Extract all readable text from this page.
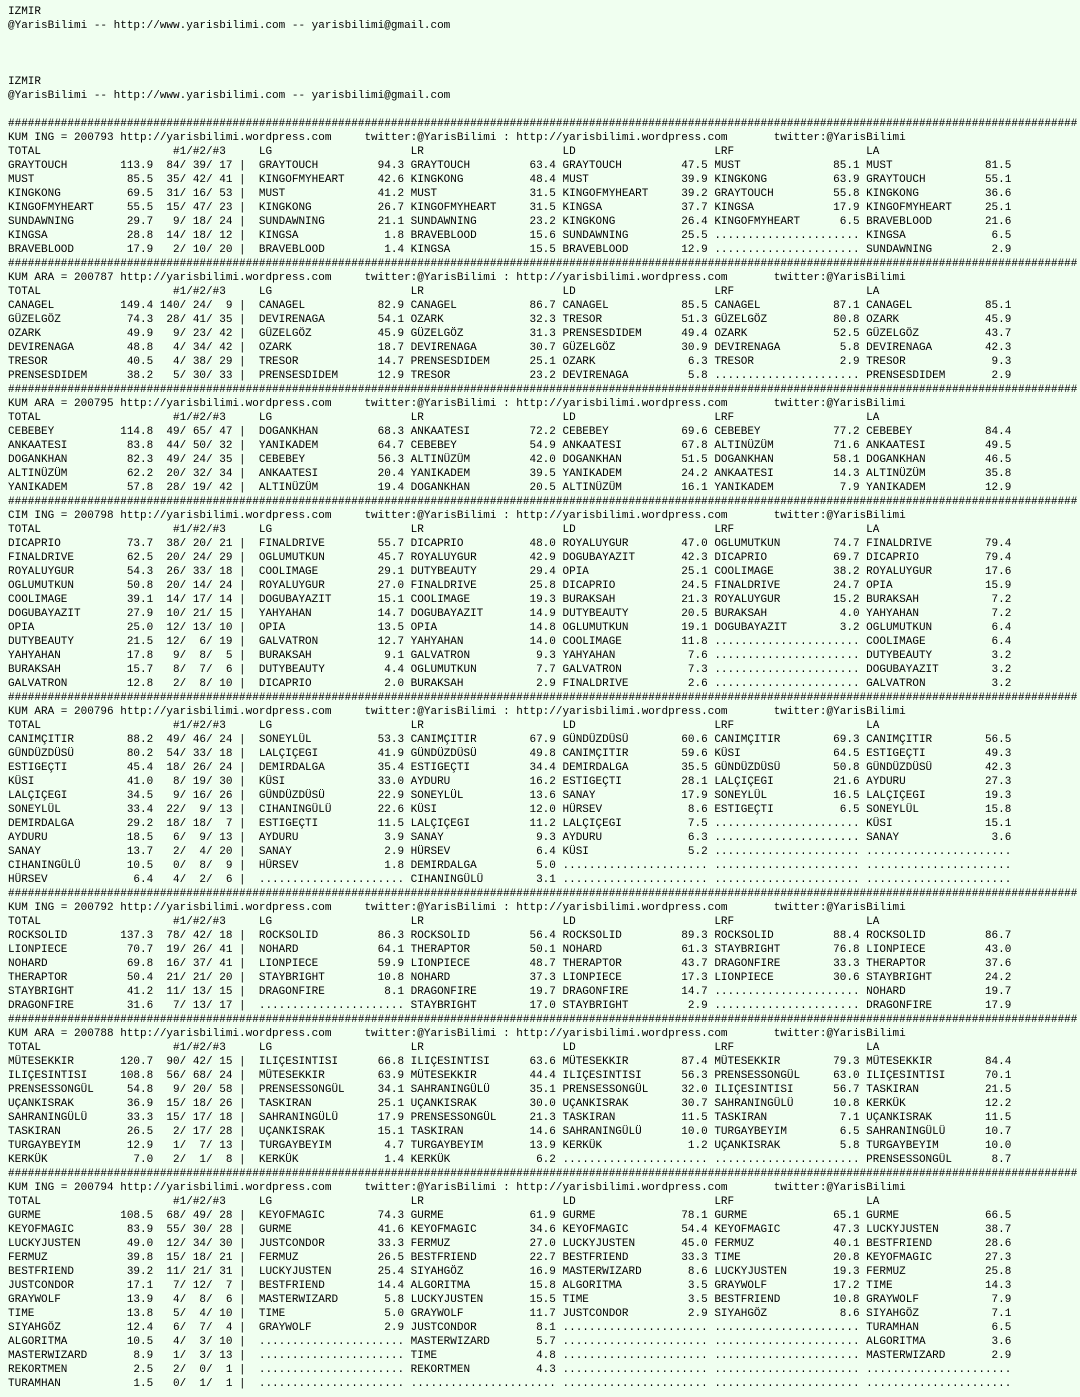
IZMIR
@YarisBilimi -- http://www.yarisbilimi.com -- yarisbilimi@gmail.com
IZMIR
@YarisBilimi -- http://www.yarisbilimi.com -- yarisbilimi@gmail.com
##################################################################################################################################################################
KUM ING = 200793 http://yarisbilimi.wordpress.com     twitter:@YarisBilimi : http://yarisbilimi.wordpress.com       twitter:@YarisBilimi
TOTAL                    #1/#2/#3     LG                     LR                     LD                     LRF                    LA
GRAYTOUCH        113.9  84/ 39/ 17 |  GRAYTOUCH         94.3 GRAYTOUCH         63.4 GRAYTOUCH         47.5 MUST              85.1 MUST              81.5
MUST              85.5  35/ 42/ 41 |  KINGOFMYHEART     42.6 KINGKONG          48.4 MUST              39.9 KINGKONG          63.9 GRAYTOUCH         55.1
KINGKONG          69.5  31/ 16/ 53 |  MUST              41.2 MUST              31.5 KINGOFMYHEART     39.2 GRAYTOUCH         55.8 KINGKONG          36.6
KINGOFMYHEART     55.5  15/ 47/ 23 |  KINGKONG          26.7 KINGOFMYHEART     31.5 KINGSA            37.7 KINGSA            17.9 KINGOFMYHEART     25.1
SUNDAWNING        29.7   9/ 18/ 24 |  SUNDAWNING        21.1 SUNDAWNING        23.2 KINGKONG          26.4 KINGOFMYHEART      6.5 BRAVEBLOOD        21.6
KINGSA            28.8  14/ 18/ 12 |  KINGSA             1.8 BRAVEBLOOD        15.6 SUNDAWNING        25.5 ...................... KINGSA             6.5
BRAVEBLOOD        17.9   2/ 10/ 20 |  BRAVEBLOOD         1.4 KINGSA            15.5 BRAVEBLOOD        12.9 ...................... SUNDAWNING         2.9
##################################################################################################################################################################
KUM ARA = 200787 http://yarisbilimi.wordpress.com     twitter:@YarisBilimi : http://yarisbilimi.wordpress.com       twitter:@YarisBilimi
TOTAL                    #1/#2/#3     LG                     LR                     LD                     LRF                    LA
CANAGEL          149.4 140/ 24/  9 |  CANAGEL           82.9 CANAGEL           86.7 CANAGEL           85.5 CANAGEL           87.1 CANAGEL           85.1
GÜZELGÖZ          74.3  28/ 41/ 35 |  DEVIRENAGA        54.1 OZARK             32.3 TRESOR            51.3 GÜZELGÖZ          80.8 OZARK             45.9
OZARK             49.9   9/ 23/ 42 |  GÜZELGÖZ          45.9 GÜZELGÖZ          31.3 PRENSESDIDEM      49.4 OZARK             52.5 GÜZELGÖZ          43.7
DEVIRENAGA        48.8   4/ 34/ 42 |  OZARK             18.7 DEVIRENAGA        30.7 GÜZELGÖZ          30.9 DEVIRENAGA         5.8 DEVIRENAGA        42.3
TRESOR            40.5   4/ 38/ 29 |  TRESOR            14.7 PRENSESDIDEM      25.1 OZARK              6.3 TRESOR             2.9 TRESOR             9.3
PRENSESDIDEM      38.2   5/ 30/ 33 |  PRENSESDIDEM      12.9 TRESOR            23.2 DEVIRENAGA         5.8 ...................... PRENSESDIDEM       2.9
##################################################################################################################################################################
KUM ARA = 200795 http://yarisbilimi.wordpress.com     twitter:@YarisBilimi : http://yarisbilimi.wordpress.com       twitter:@YarisBilimi
TOTAL                    #1/#2/#3     LG                     LR                     LD                     LRF                    LA
CEBEBEY          114.8  49/ 65/ 47 |  DOGANKHAN         68.3 ANKAATESI         72.2 CEBEBEY           69.6 CEBEBEY           77.2 CEBEBEY           84.4
ANKAATESI         83.8  44/ 50/ 32 |  YANIKADEM         64.7 CEBEBEY           54.9 ANKAATESI         67.8 ALTINÜZÜM         71.6 ANKAATESI         49.5
DOGANKHAN         82.3  49/ 24/ 35 |  CEBEBEY           56.3 ALTINÜZÜM         42.0 DOGANKHAN         51.5 DOGANKHAN         58.1 DOGANKHAN         46.5
ALTINÜZÜM         62.2  20/ 32/ 34 |  ANKAATESI         20.4 YANIKADEM         39.5 YANIKADEM         24.2 ANKAATESI         14.3 ALTINÜZÜM         35.8
YANIKADEM         57.8  28/ 19/ 42 |  ALTINÜZÜM         19.4 DOGANKHAN         20.5 ALTINÜZÜM         16.1 YANIKADEM          7.9 YANIKADEM         12.9
##################################################################################################################################################################
CIM ING = 200798 http://yarisbilimi.wordpress.com     twitter:@YarisBilimi : http://yarisbilimi.wordpress.com       twitter:@YarisBilimi
TOTAL                    #1/#2/#3     LG                     LR                     LD                     LRF                    LA
DICAPRIO          73.7  38/ 20/ 21 |  FINALDRIVE        55.7 DICAPRIO          48.0 ROYALUYGUR        47.0 OGLUMUTKUN        74.7 FINALDRIVE        79.4
FINALDRIVE        62.5  20/ 24/ 29 |  OGLUMUTKUN        45.7 ROYALUYGUR        42.9 DOGUBAYAZIT       42.3 DICAPRIO          69.7 DICAPRIO          79.4
ROYALUYGUR        54.3  26/ 33/ 18 |  COOLIMAGE         29.1 DUTYBEAUTY        29.4 OPIA              25.1 COOLIMAGE         38.2 ROYALUYGUR        17.6
OGLUMUTKUN        50.8  20/ 14/ 24 |  ROYALUYGUR        27.0 FINALDRIVE        25.8 DICAPRIO          24.5 FINALDRIVE        24.7 OPIA              15.9
COOLIMAGE         39.1  14/ 17/ 14 |  DOGUBAYAZIT       15.1 COOLIMAGE         19.3 BURAKSAH          21.3 ROYALUYGUR        15.2 BURAKSAH           7.2
DOGUBAYAZIT       27.9  10/ 21/ 15 |  YAHYAHAN          14.7 DOGUBAYAZIT       14.9 DUTYBEAUTY        20.5 BURAKSAH           4.0 YAHYAHAN           7.2
OPIA              25.0  12/ 13/ 10 |  OPIA              13.5 OPIA              14.8 OGLUMUTKUN        19.1 DOGUBAYAZIT        3.2 OGLUMUTKUN         6.4
DUTYBEAUTY        21.5  12/  6/ 19 |  GALVATRON         12.7 YAHYAHAN          14.0 COOLIMAGE         11.8 ...................... COOLIMAGE          6.4
YAHYAHAN          17.8   9/  8/  5 |  BURAKSAH           9.1 GALVATRON          9.3 YAHYAHAN           7.6 ...................... DUTYBEAUTY         3.2
BURAKSAH          15.7   8/  7/  6 |  DUTYBEAUTY         4.4 OGLUMUTKUN         7.7 GALVATRON          7.3 ...................... DOGUBAYAZIT        3.2
GALVATRON         12.8   2/  8/ 10 |  DICAPRIO           2.0 BURAKSAH           2.9 FINALDRIVE         2.6 ...................... GALVATRON          3.2
##################################################################################################################################################################
KUM ARA = 200796 http://yarisbilimi.wordpress.com     twitter:@YarisBilimi : http://yarisbilimi.wordpress.com       twitter:@YarisBilimi
TOTAL                    #1/#2/#3     LG                     LR                     LD                     LRF                    LA
CANIMÇITIR        88.2  49/ 46/ 24 |  SONEYLÜL          53.3 CANIMÇITIR        67.9 GÜNDÜZDÜSÜ        60.6 CANIMÇITIR        69.3 CANIMÇITIR        56.5
GÜNDÜZDÜSÜ        80.2  54/ 33/ 18 |  LALÇIÇEGI         41.9 GÜNDÜZDÜSÜ        49.8 CANIMÇITIR        59.6 KÜSI              64.5 ESTIGEÇTI         49.3
ESTIGEÇTI         45.4  18/ 26/ 24 |  DEMIRDALGA        35.4 ESTIGEÇTI         34.4 DEMIRDALGA        35.5 GÜNDÜZDÜSÜ        50.8 GÜNDÜZDÜSÜ        42.3
KÜSI              41.0   8/ 19/ 30 |  KÜSI              33.0 AYDURU            16.2 ESTIGEÇTI         28.1 LALÇIÇEGI         21.6 AYDURU            27.3
LALÇIÇEGI         34.5   9/ 16/ 26 |  GÜNDÜZDÜSÜ        22.9 SONEYLÜL          13.6 SANAY             17.9 SONEYLÜL          16.5 LALÇIÇEGI         19.3
SONEYLÜL          33.4  22/  9/ 13 |  CIHANINGÜLÜ       22.6 KÜSI              12.0 HÜRSEV             8.6 ESTIGEÇTI          6.5 SONEYLÜL          15.8
DEMIRDALGA        29.2  18/ 18/  7 |  ESTIGEÇTI         11.5 LALÇIÇEGI         11.2 LALÇIÇEGI          7.5 ...................... KÜSI              15.1
AYDURU            18.5   6/  9/ 13 |  AYDURU             3.9 SANAY              9.3 AYDURU             6.3 ...................... SANAY              3.6
SANAY             13.7   2/  4/ 20 |  SANAY              2.9 HÜRSEV             6.4 KÜSI               5.2 ...................... ......................
CIHANINGÜLÜ       10.5   0/  8/  9 |  HÜRSEV             1.8 DEMIRDALGA         5.0 ...................... ...................... ......................
HÜRSEV             6.4   4/  2/  6 |  ...................... CIHANINGÜLÜ        3.1 ...................... ...................... ......................
##################################################################################################################################################################
KUM ING = 200792 http://yarisbilimi.wordpress.com     twitter:@YarisBilimi : http://yarisbilimi.wordpress.com       twitter:@YarisBilimi
TOTAL                    #1/#2/#3     LG                     LR                     LD                     LRF                    LA
ROCKSOLID        137.3  78/ 42/ 18 |  ROCKSOLID         86.3 ROCKSOLID         56.4 ROCKSOLID         89.3 ROCKSOLID         88.4 ROCKSOLID         86.7
LIONPIECE         70.7  19/ 26/ 41 |  NOHARD            64.1 THERAPTOR         50.1 NOHARD            61.3 STAYBRIGHT        76.8 LIONPIECE         43.0
NOHARD            69.8  16/ 37/ 41 |  LIONPIECE         59.9 LIONPIECE         48.7 THERAPTOR         43.7 DRAGONFIRE        33.3 THERAPTOR         37.6
THERAPTOR         50.4  21/ 21/ 20 |  STAYBRIGHT        10.8 NOHARD            37.3 LIONPIECE         17.3 LIONPIECE         30.6 STAYBRIGHT        24.2
STAYBRIGHT        41.2  11/ 13/ 15 |  DRAGONFIRE         8.1 DRAGONFIRE        19.7 DRAGONFIRE        14.7 ...................... NOHARD            19.7
DRAGONFIRE        31.6   7/ 13/ 17 |  ...................... STAYBRIGHT        17.0 STAYBRIGHT         2.9 ...................... DRAGONFIRE        17.9
##################################################################################################################################################################
KUM ARA = 200788 http://yarisbilimi.wordpress.com     twitter:@YarisBilimi : http://yarisbilimi.wordpress.com       twitter:@YarisBilimi
TOTAL                    #1/#2/#3     LG                     LR                     LD                     LRF                    LA
MÜTESEKKIR       120.7  90/ 42/ 15 |  ILIÇESINTISI      66.8 ILIÇESINTISI      63.6 MÜTESEKKIR        87.4 MÜTESEKKIR        79.3 MÜTESEKKIR        84.4
ILIÇESINTISI     108.8  56/ 68/ 24 |  MÜTESEKKIR        63.9 MÜTESEKKIR        44.4 ILIÇESINTISI      56.3 PRENSESSONGÜL     63.0 ILIÇESINTISI      70.1
PRENSESSONGÜL     54.8   9/ 20/ 58 |  PRENSESSONGÜL     34.1 SAHRANINGÜLÜ      35.1 PRENSESSONGÜL     32.0 ILIÇESINTISI      56.7 TASKIRAN          21.5
UÇANKISRAK        36.9  15/ 18/ 26 |  TASKIRAN          25.1 UÇANKISRAK        30.0 UÇANKISRAK        30.7 SAHRANINGÜLÜ      10.8 KERKÜK            12.2
SAHRANINGÜLÜ      33.3  15/ 17/ 18 |  SAHRANINGÜLÜ      17.9 PRENSESSONGÜL     21.3 TASKIRAN          11.5 TASKIRAN           7.1 UÇANKISRAK        11.5
TASKIRAN          26.5   2/ 17/ 28 |  UÇANKISRAK        15.1 TASKIRAN          14.6 SAHRANINGÜLÜ      10.0 TURGAYBEYIM        6.5 SAHRANINGÜLÜ      10.7
TURGAYBEYIM       12.9   1/  7/ 13 |  TURGAYBEYIM        4.7 TURGAYBEYIM       13.9 KERKÜK             1.2 UÇANKISRAK         5.8 TURGAYBEYIM       10.0
KERKÜK             7.0   2/  1/  8 |  KERKÜK             1.4 KERKÜK             6.2 ...................... ...................... PRENSESSONGÜL      8.7
##################################################################################################################################################################
KUM ING = 200794 http://yarisbilimi.wordpress.com     twitter:@YarisBilimi : http://yarisbilimi.wordpress.com       twitter:@YarisBilimi
TOTAL                    #1/#2/#3     LG                     LR                     LD                     LRF                    LA
GURME            108.5  68/ 49/ 28 |  KEYOFMAGIC        74.3 GURME             61.9 GURME             78.1 GURME             65.1 GURME             66.5
KEYOFMAGIC        83.9  55/ 30/ 28 |  GURME             41.6 KEYOFMAGIC        34.6 KEYOFMAGIC        54.4 KEYOFMAGIC        47.3 LUCKYJUSTEN       38.7
LUCKYJUSTEN       49.0  12/ 34/ 30 |  JUSTCONDOR        33.3 FERMUZ            27.0 LUCKYJUSTEN       45.0 FERMUZ            40.1 BESTFRIEND        28.6
FERMUZ            39.8  15/ 18/ 21 |  FERMUZ            26.5 BESTFRIEND        22.7 BESTFRIEND        33.3 TIME              20.8 KEYOFMAGIC        27.3
BESTFRIEND        39.2  11/ 21/ 31 |  LUCKYJUSTEN       25.4 SIYAHGÖZ          16.9 MASTERWIZARD       8.6 LUCKYJUSTEN       19.3 FERMUZ            25.8
JUSTCONDOR        17.1   7/ 12/  7 |  BESTFRIEND        14.4 ALGORITMA         15.8 ALGORITMA          3.5 GRAYWOLF          17.2 TIME              14.3
GRAYWOLF          13.9   4/  8/  6 |  MASTERWIZARD       5.8 LUCKYJUSTEN       15.5 TIME               3.5 BESTFRIEND        10.8 GRAYWOLF           7.9
TIME              13.8   5/  4/ 10 |  TIME               5.0 GRAYWOLF          11.7 JUSTCONDOR         2.9 SIYAHGÖZ           8.6 SIYAHGÖZ           7.1
SIYAHGÖZ          12.4   6/  7/  4 |  GRAYWOLF           2.9 JUSTCONDOR         8.1 ...................... ...................... TURAMHAN           6.5
ALGORITMA         10.5   4/  3/ 10 |  ...................... MASTERWIZARD       5.7 ...................... ...................... ALGORITMA          3.6
MASTERWIZARD       8.9   1/  3/ 13 |  ...................... TIME               4.8 ...................... ...................... MASTERWIZARD       2.9
REKORTMEN          2.5   2/  0/  1 |  ...................... REKORTMEN          4.3 ...................... ...................... ......................
TURAMHAN           1.5   0/  1/  1 |  ...................... ...................... ...................... ...................... ......................
